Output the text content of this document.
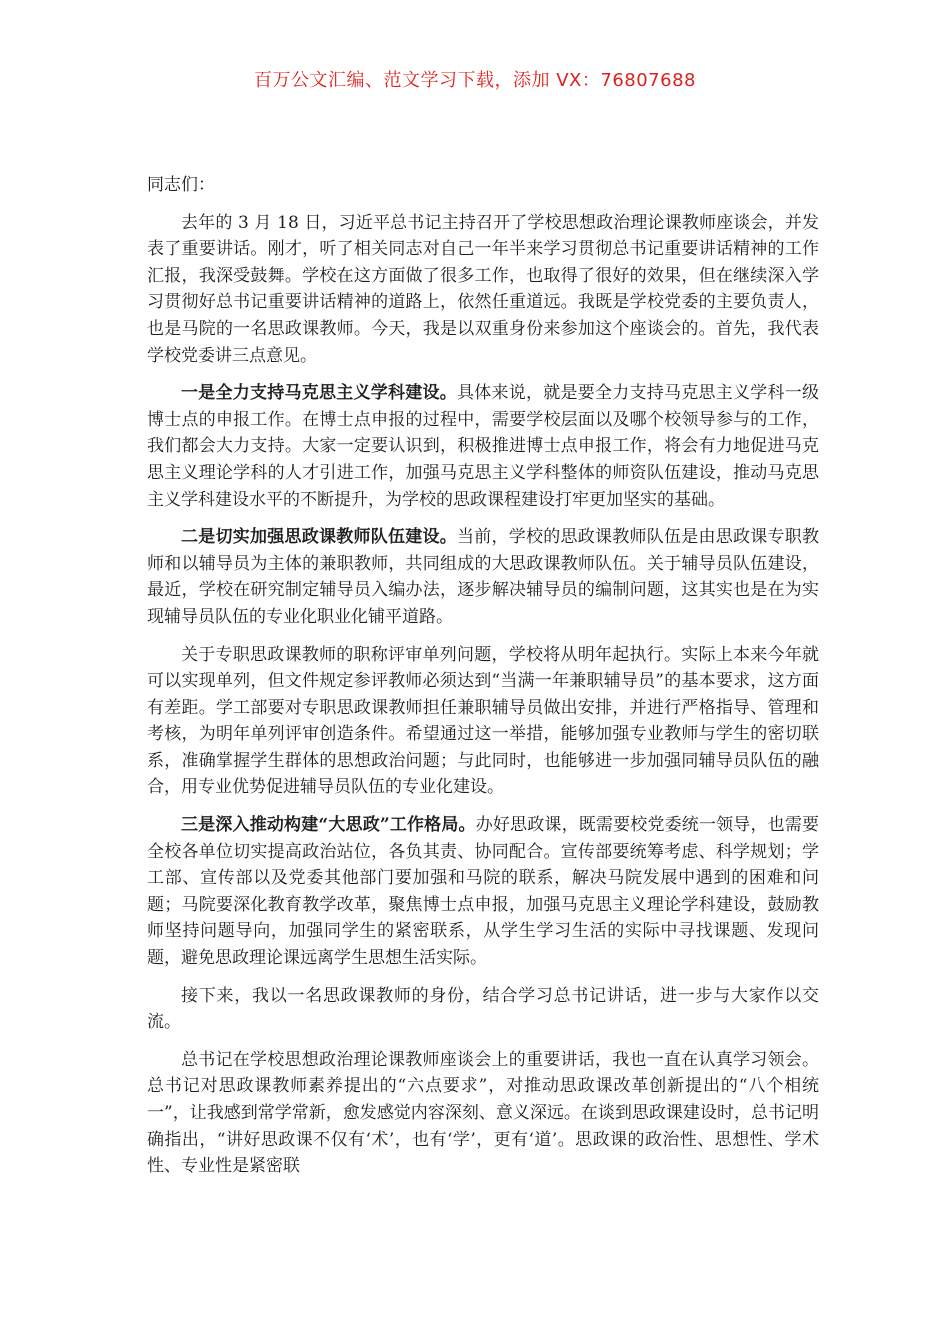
百万公文汇编、范文学习下载，添加 VX：76807688

同志们：

去年的 3 月 18 日，习近平总书记主持召开了学校思想政治理论课教师座谈会，并发表了重要讲话。刚才，听了相关同志对自己一年半来学习贯彻总书记重要讲话精神的工作汇报，我深受鼓舞。学校在这方面做了很多工作，也取得了很好的效果，但在继续深入学习贯彻好总书记重要讲话精神的道路上，依然任重道远。我既是学校党委的主要负责人，也是马院的一名思政课教师。今天，我是以双重身份来参加这个座谈会的。首先，我代表学校党委讲三点意见。

一是全力支持马克思主义学科建设。具体来说，就是要全力支持马克思主义学科一级博士点的申报工作。在博士点申报的过程中，需要学校层面以及哪个校领导参与的工作，我们都会大力支持。大家一定要认识到，积极推进博士点申报工作，将会有力地促进马克思主义理论学科的人才引进工作，加强马克思主义学科整体的师资队伍建设，推动马克思主义学科建设水平的不断提升，为学校的思政课程建设打牢更加坚实的基础。

二是切实加强思政课教师队伍建设。当前，学校的思政课教师队伍是由思政课专职教师和以辅导员为主体的兼职教师，共同组成的大思政课教师队伍。关于辅导员队伍建设，最近，学校在研究制定辅导员入编办法，逐步解决辅导员的编制问题，这其实也是在为实现辅导员队伍的专业化职业化铺平道路。

关于专职思政课教师的职称评审单列问题，学校将从明年起执行。实际上本来今年就可以实现单列，但文件规定参评教师必须达到“当满一年兼职辅导员”的基本要求，这方面有差距。学工部要对专职思政课教师担任兼职辅导员做出安排，并进行严格指导、管理和考核，为明年单列评审创造条件。希望通过这一举措，能够加强专业教师与学生的密切联系，准确掌握学生群体的思想政治问题；与此同时，也能够进一步加强同辅导员队伍的融合，用专业优势促进辅导员队伍的专业化建设。

三是深入推动构建“大思政”工作格局。办好思政课，既需要校党委统一领导，也需要全校各单位切实提高政治站位，各负其责、协同配合。宣传部要统筹考虑、科学规划；学工部、宣传部以及党委其他部门要加强和马院的联系，解决马院发展中遇到的困难和问题；马院要深化教育教学改革，聚焦博士点申报，加强马克思主义理论学科建设，鼓励教师坚持问题导向，加强同学生的紧密联系，从学生学习生活的实际中寻找课题、发现问题，避免思政理论课远离学生思想生活实际。

接下来，我以一名思政课教师的身份，结合学习总书记讲话，进一步与大家作以交流。

总书记在学校思想政治理论课教师座谈会上的重要讲话，我也一直在认真学习领会。总书记对思政课教师素养提出的“六点要求”，对推动思政课改革创新提出的“八个相统一”，让我感到常学常新，愈发感觉内容深刻、意义深远。在谈到思政课建设时，总书记明确指出，“讲好思政课不仅有‘术’，也有‘学’，更有‘道’。思政课的政治性、思想性、学术性、专业性是紧密联
